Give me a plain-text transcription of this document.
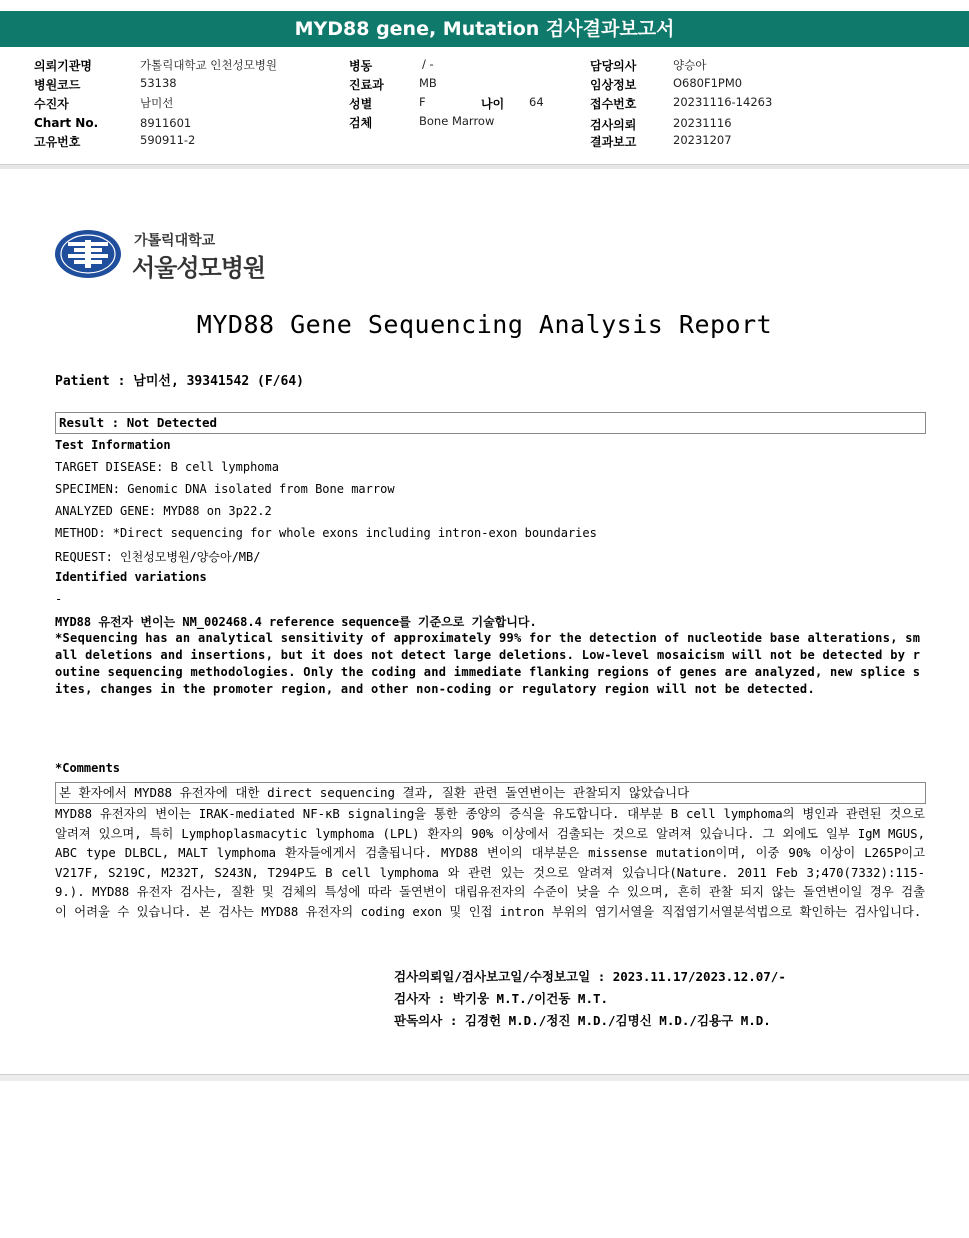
MYD88 gene, Mutation 검사결과보고서
의뢰기관명	가톨릭대학교 인천성모병원
병원코드	53138
수진자	남미선
Chart No.	8911601
고유번호	590911-2
병동	/ -
진료과	MB
성별	F	나이 64
검체	Bone Marrow
담당의사	양승아
임상정보	O680F1PM0
접수번호	20231116-14263
검사의뢰	20231116
결과보고	20231207
가톨릭대학교
서울성모병원
MYD88 Gene Sequencing Analysis Report
Patient : 남미선, 39341542 (F/64)
Result : Not Detected
Test Information
TARGET DISEASE: B cell lymphoma
SPECIMEN: Genomic DNA isolated from Bone marrow
ANALYZED GENE: MYD88 on 3p22.2
METHOD: *Direct sequencing for whole exons including intron-exon boundaries
REQUEST: 인천성모병원/양승아/MB/
Identified variations
-
MYD88 유전자 변이는 NM_002468.4 reference sequence를 기준으로 기술합니다.
*Sequencing has an analytical sensitivity of approximately 99% for the detection of nucleotide base alterations, small deletions and insertions, but it does not detect large deletions. Low-level mosaicism will not be detected by routine sequencing methodologies. Only the coding and immediate flanking regions of genes are analyzed, new splice sites, changes in the promoter region, and other non-coding or regulatory region will not be detected.
*Comments
본 환자에서 MYD88 유전자에 대한 direct sequencing 결과, 질환 관련 돌연변이는 관찰되지 않았습니다
MYD88 유전자의 변이는 IRAK-mediated NF-κB signaling을 통한 종양의 증식을 유도합니다. 대부분 B cell lymphoma의 병인과 관련된 것으로 알려져 있으며, 특히 Lymphoplasmacytic lymphoma (LPL) 환자의 90% 이상에서 검출되는 것으로 알려져 있습니다. 그 외에도 일부 IgM MGUS, ABC type DLBCL, MALT lymphoma 환자들에게서 검출됩니다. MYD88 변이의 대부분은 missense mutation이며, 이중 90% 이상이 L265P이고 V217F, S219C, M232T, S243N, T294P도 B cell lymphoma 와 관련 있는 것으로 알려져 있습니다(Nature. 2011 Feb 3;470(7332):115-9.). MYD88 유전자 검사는, 질환 및 검체의 특성에 따라 돌연변이 대립유전자의 수준이 낮을 수 있으며, 흔히 관찰 되지 않는 돌연변이일 경우 검출이 어려울 수 있습니다. 본 검사는 MYD88 유전자의 coding exon 및 인접 intron 부위의 염기서열을 직접염기서열분석법으로 확인하는 검사입니다.
검사의뢰일/검사보고일/수정보고일 : 2023.11.17/2023.12.07/-
검사자 : 박기웅 M.T./이건동 M.T.
판독의사 : 김경헌 M.D./정진 M.D./김명신 M.D./김용구 M.D.
